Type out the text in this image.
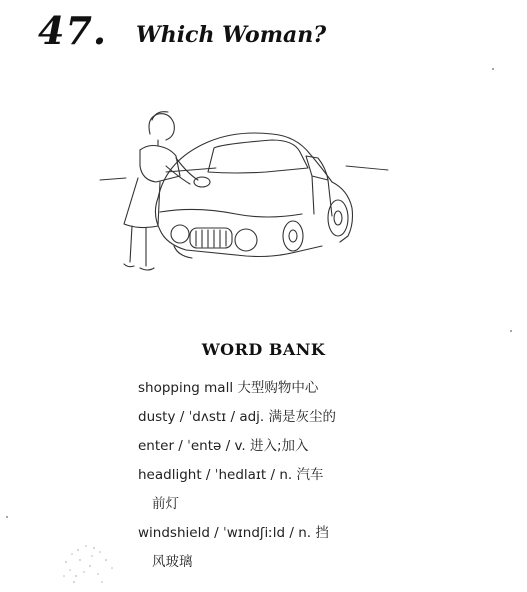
47. Which Woman?
WORD BANK

shopping mall 大型购物中心

dusty / ˈdʌstɪ / adj. 满是灰尘的

enter / ˈentə / v. 进入;加入

headlight / ˈhedlaɪt / n. 汽车
前灯

windshield / ˈwɪndʃiːld / n. 挡
风玻璃
